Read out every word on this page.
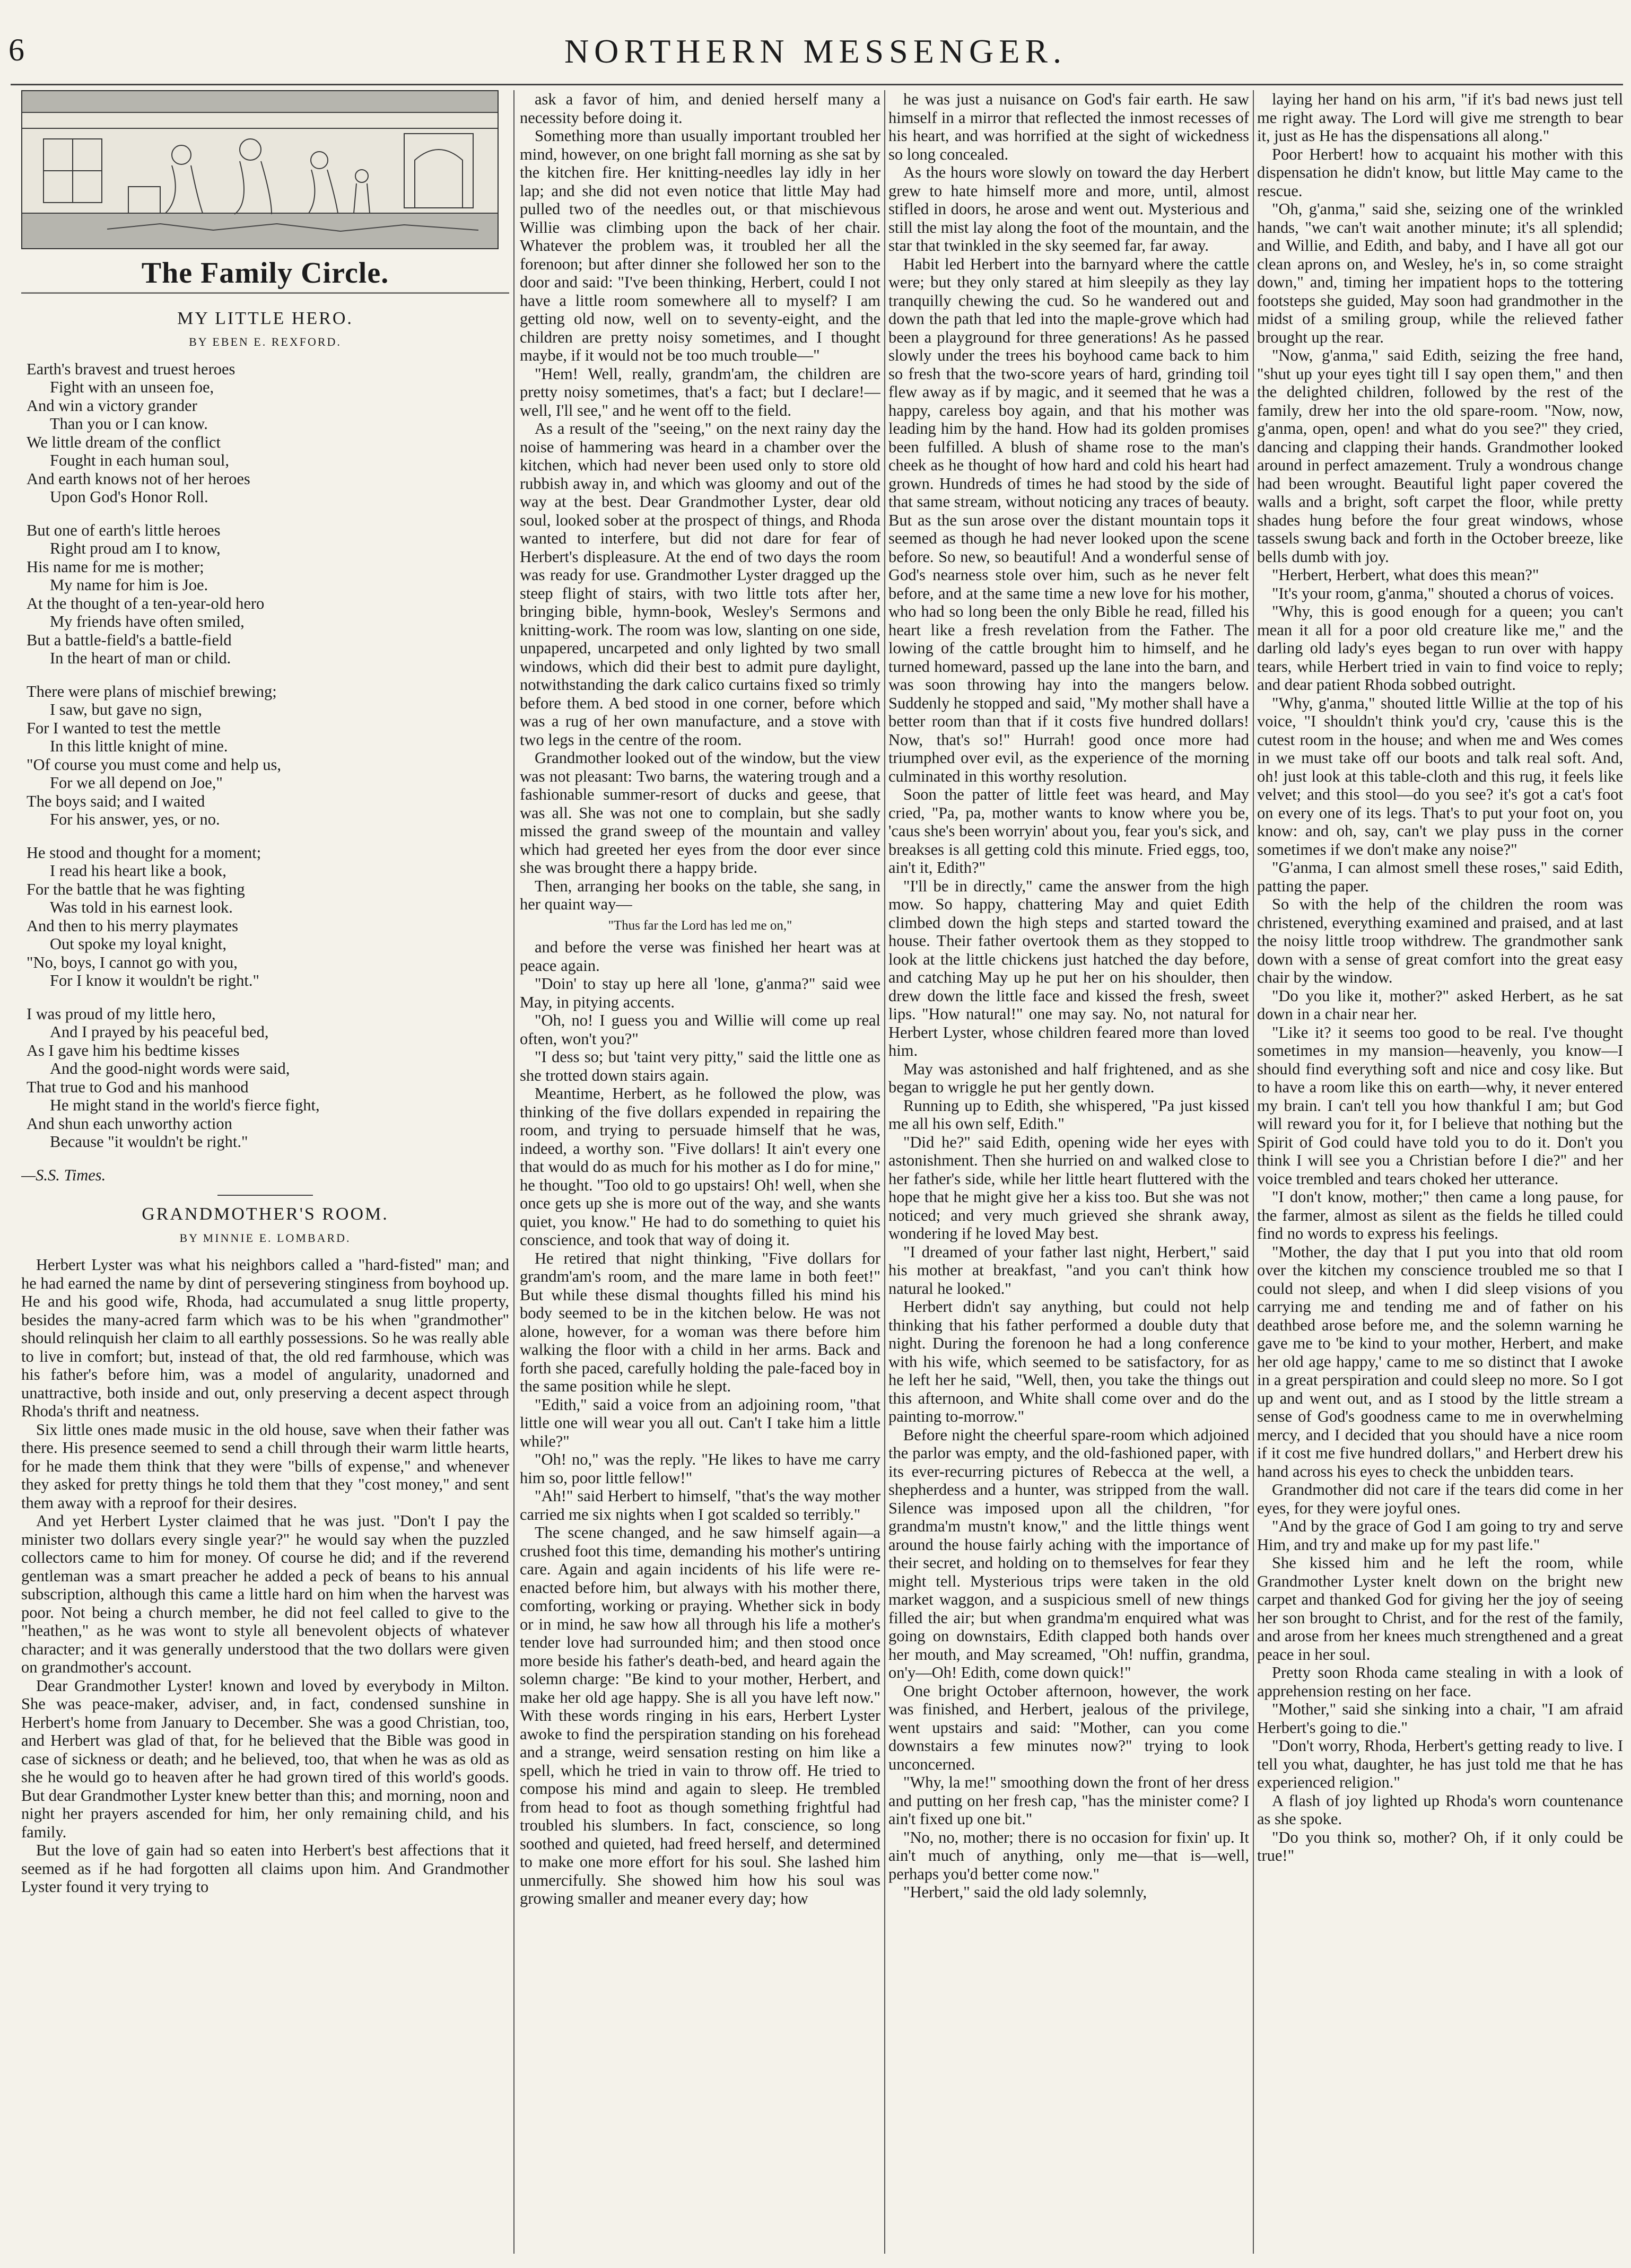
6	NORTHERN MESSENGER.
The Family Circle.
MY LITTLE HERO.
BY EBEN E. REXFORD.
Earth's bravest and truest heroes
Fight with an unseen foe,
And win a victory grander
Than you or I can know.
We little dream of the conflict
Fought in each human soul,
And earth knows not of her heroes
Upon God's Honor Roll.
But one of earth's little heroes
Right proud am I to know,
His name for me is mother;
My name for him is Joe.
At the thought of a ten-year-old hero
My friends have often smiled,
But a battle-field's a battle-field
In the heart of man or child.
There were plans of mischief brewing;
I saw, but gave no sign,
For I wanted to test the mettle
In this little knight of mine.
"Of course you must come and help us,
For we all depend on Joe,"
The boys said; and I waited
For his answer, yes, or no.
He stood and thought for a moment;
I read his heart like a book,
For the battle that he was fighting
Was told in his earnest look.
And then to his merry playmates
Out spoke my loyal knight,
"No, boys, I cannot go with you,
For I know it wouldn't be right."
I was proud of my little hero,
And I prayed by his peaceful bed,
As I gave him his bedtime kisses
And the good-night words were said,
That true to God and his manhood
He might stand in the world's fierce fight,
And shun each unworthy action
Because "it wouldn't be right."
—S.S. Times.
GRANDMOTHER'S ROOM.
BY MINNIE E. LOMBARD.

Herbert Lyster was what his neighbors called a "hard-fisted" man; and he had earned the name by dint of persevering stinginess from boyhood up. He and his good wife, Rhoda, had accumulated a snug little property, besides the many-acred farm which was to be his when "grandmother" should relinquish her claim to all earthly possessions. So he was really able to live in comfort; but, instead of that, the old red farmhouse, which was his father's before him, was a model of angularity, unadorned and unattractive, both inside and out, only preserving a decent aspect through Rhoda's thrift and neatness.

Six little ones made music in the old house, save when their father was there. His presence seemed to send a chill through their warm little hearts, for he made them think that they were "bills of expense," and whenever they asked for pretty things he told them that they "cost money," and sent them away with a reproof for their desires.

And yet Herbert Lyster claimed that he was just. "Don't I pay the minister two dollars every single year?" he would say when the puzzled collectors came to him for money. Of course he did; and if the reverend gentleman was a smart preacher he added a peck of beans to his annual subscription, although this came a little hard on him when the harvest was poor. Not being a church member, he did not feel called to give to the "heathen," as he was wont to style all benevolent objects of whatever character; and it was generally understood that the two dollars were given on grandmother's account.

Dear Grandmother Lyster! known and loved by everybody in Milton. She was peace-maker, adviser, and, in fact, condensed sunshine in Herbert's home from January to December. She was a good Christian, too, and Herbert was glad of that, for he believed that the Bible was good in case of sickness or death; and he believed, too, that when he was as old as she he would go to heaven after he had grown tired of this world's goods. But dear Grandmother Lyster knew better than this; and morning, noon and night her prayers ascended for him, her only remaining child, and his family.

But the love of gain had so eaten into Herbert's best affections that it seemed as if he had forgotten all claims upon him. And Grandmother Lyster found it very trying to

ask a favor of him, and denied herself many a necessity before doing it.

Something more than usually important troubled her mind, however, on one bright fall morning as she sat by the kitchen fire. Her knitting-needles lay idly in her lap; and she did not even notice that little May had pulled two of the needles out, or that mischievous Willie was climbing upon the back of her chair. Whatever the problem was, it troubled her all the forenoon; but after dinner she followed her son to the door and said: "I've been thinking, Herbert, could I not have a little room somewhere all to myself? I am getting old now, well on to seventy-eight, and the children are pretty noisy sometimes, and I thought maybe, if it would not be too much trouble—"

"Hem! Well, really, grandm'am, the children are pretty noisy sometimes, that's a fact; but I declare!—well, I'll see," and he went off to the field.

As a result of the "seeing," on the next rainy day the noise of hammering was heard in a chamber over the kitchen, which had never been used only to store old rubbish away in, and which was gloomy and out of the way at the best. Dear Grandmother Lyster, dear old soul, looked sober at the prospect of things, and Rhoda wanted to interfere, but did not dare for fear of Herbert's displeasure. At the end of two days the room was ready for use. Grandmother Lyster dragged up the steep flight of stairs, with two little tots after her, bringing bible, hymn-book, Wesley's Sermons and knitting-work. The room was low, slanting on one side, unpapered, uncarpeted and only lighted by two small windows, which did their best to admit pure daylight, notwithstanding the dark calico curtains fixed so trimly before them. A bed stood in one corner, before which was a rug of her own manufacture, and a stove with two legs in the centre of the room.

Grandmother looked out of the window, but the view was not pleasant: Two barns, the watering trough and a fashionable summer-resort of ducks and geese, that was all. She was not one to complain, but she sadly missed the grand sweep of the mountain and valley which had greeted her eyes from the door ever since she was brought there a happy bride.

Then, arranging her books on the table, she sang, in her quaint way—

"Thus far the Lord has led me on,"

and before the verse was finished her heart was at peace again.

"Doin' to stay up here all 'lone, g'anma?" said wee May, in pitying accents.

"Oh, no! I guess you and Willie will come up real often, won't you?"

"I dess so; but 'taint very pitty," said the little one as she trotted down stairs again.

Meantime, Herbert, as he followed the plow, was thinking of the five dollars expended in repairing the room, and trying to persuade himself that he was, indeed, a worthy son. "Five dollars! It ain't every one that would do as much for his mother as I do for mine," he thought. "Too old to go upstairs! Oh! well, when she once gets up she is more out of the way, and she wants quiet, you know." He had to do something to quiet his conscience, and took that way of doing it.

He retired that night thinking, "Five dollars for grandm'am's room, and the mare lame in both feet!" But while these dismal thoughts filled his mind his body seemed to be in the kitchen below. He was not alone, however, for a woman was there before him walking the floor with a child in her arms. Back and forth she paced, carefully holding the pale-faced boy in the same position while he slept.

"Edith," said a voice from an adjoining room, "that little one will wear you all out. Can't I take him a little while?"

"Oh! no," was the reply. "He likes to have me carry him so, poor little fellow!"

"Ah!" said Herbert to himself, "that's the way mother carried me six nights when I got scalded so terribly."

The scene changed, and he saw himself again—a crushed foot this time, demanding his mother's untiring care. Again and again incidents of his life were re-enacted before him, but always with his mother there, comforting, working or praying. Whether sick in body or in mind, he saw how all through his life a mother's tender love had surrounded him; and then stood once more beside his father's death-bed, and heard again the solemn charge: "Be kind to your mother, Herbert, and make her old age happy. She is all you have left now." With these words ringing in his ears, Herbert Lyster awoke to find the perspiration standing on his forehead and a strange, weird sensation resting on him like a spell, which he tried in vain to throw off. He tried to compose his mind and again to sleep. He trembled from head to foot as though something frightful had troubled his slumbers. In fact, conscience, so long soothed and quieted, had freed herself, and determined to make one more effort for his soul. She lashed him unmercifully. She showed him how his soul was growing smaller and meaner every day; how

he was just a nuisance on God's fair earth. He saw himself in a mirror that reflected the inmost recesses of his heart, and was horrified at the sight of wickedness so long concealed.

As the hours wore slowly on toward the day Herbert grew to hate himself more and more, until, almost stifled in doors, he arose and went out. Mysterious and still the mist lay along the foot of the mountain, and the star that twinkled in the sky seemed far, far away.

Habit led Herbert into the barnyard where the cattle were; but they only stared at him sleepily as they lay tranquilly chewing the cud. So he wandered out and down the path that led into the maple-grove which had been a playground for three generations! As he passed slowly under the trees his boyhood came back to him so fresh that the two-score years of hard, grinding toil flew away as if by magic, and it seemed that he was a happy, careless boy again, and that his mother was leading him by the hand. How had its golden promises been fulfilled. A blush of shame rose to the man's cheek as he thought of how hard and cold his heart had grown. Hundreds of times he had stood by the side of that same stream, without noticing any traces of beauty. But as the sun arose over the distant mountain tops it seemed as though he had never looked upon the scene before. So new, so beautiful! And a wonderful sense of God's nearness stole over him, such as he never felt before, and at the same time a new love for his mother, who had so long been the only Bible he read, filled his heart like a fresh revelation from the Father. The lowing of the cattle brought him to himself, and he turned homeward, passed up the lane into the barn, and was soon throwing hay into the mangers below. Suddenly he stopped and said, "My mother shall have a better room than that if it costs five hundred dollars! Now, that's so!" Hurrah! good once more had triumphed over evil, as the experience of the morning culminated in this worthy resolution.

Soon the patter of little feet was heard, and May cried, "Pa, pa, mother wants to know where you be, 'caus she's been worryin' about you, fear you's sick, and breakses is all getting cold this minute. Fried eggs, too, ain't it, Edith?"

"I'll be in directly," came the answer from the high mow. So happy, chattering May and quiet Edith climbed down the high steps and started toward the house. Their father overtook them as they stopped to look at the little chickens just hatched the day before, and catching May up he put her on his shoulder, then drew down the little face and kissed the fresh, sweet lips. "How natural!" one may say. No, not natural for Herbert Lyster, whose children feared more than loved him.

May was astonished and half frightened, and as she began to wriggle he put her gently down.

Running up to Edith, she whispered, "Pa just kissed me all his own self, Edith."

"Did he?" said Edith, opening wide her eyes with astonishment. Then she hurried on and walked close to her father's side, while her little heart fluttered with the hope that he might give her a kiss too. But she was not noticed; and very much grieved she shrank away, wondering if he loved May best.

"I dreamed of your father last night, Herbert," said his mother at breakfast, "and you can't think how natural he looked."

Herbert didn't say anything, but could not help thinking that his father performed a double duty that night. During the forenoon he had a long conference with his wife, which seemed to be satisfactory, for as he left her he said, "Well, then, you take the things out this afternoon, and White shall come over and do the painting to-morrow."

Before night the cheerful spare-room which adjoined the parlor was empty, and the old-fashioned paper, with its ever-recurring pictures of Rebecca at the well, a shepherdess and a hunter, was stripped from the wall. Silence was imposed upon all the children, "for grandma'm mustn't know," and the little things went around the house fairly aching with the importance of their secret, and holding on to themselves for fear they might tell. Mysterious trips were taken in the old market waggon, and a suspicious smell of new things filled the air; but when grandma'm enquired what was going on downstairs, Edith clapped both hands over her mouth, and May screamed, "Oh! nuffin, grandma, on'y—Oh! Edith, come down quick!"

One bright October afternoon, however, the work was finished, and Herbert, jealous of the privilege, went upstairs and said: "Mother, can you come downstairs a few minutes now?" trying to look unconcerned.

"Why, la me!" smoothing down the front of her dress and putting on her fresh cap, "has the minister come? I ain't fixed up one bit."

"No, no, mother; there is no occasion for fixin' up. It ain't much of anything, only me—that is—well, perhaps you'd better come now."

"Herbert," said the old lady solemnly,

laying her hand on his arm, "if it's bad news just tell me right away. The Lord will give me strength to bear it, just as He has the dispensations all along."

Poor Herbert! how to acquaint his mother with this dispensation he didn't know, but little May came to the rescue.

"Oh, g'anma," said she, seizing one of the wrinkled hands, "we can't wait another minute; it's all splendid; and Willie, and Edith, and baby, and I have all got our clean aprons on, and Wesley, he's in, so come straight down," and, timing her impatient hops to the tottering footsteps she guided, May soon had grandmother in the midst of a smiling group, while the relieved father brought up the rear.

"Now, g'anma," said Edith, seizing the free hand, "shut up your eyes tight till I say open them," and then the delighted children, followed by the rest of the family, drew her into the old spare-room. "Now, now, g'anma, open, open! and what do you see?" they cried, dancing and clapping their hands. Grandmother looked around in perfect amazement. Truly a wondrous change had been wrought. Beautiful light paper covered the walls and a bright, soft carpet the floor, while pretty shades hung before the four great windows, whose tassels swung back and forth in the October breeze, like bells dumb with joy.

"Herbert, Herbert, what does this mean?"

"It's your room, g'anma," shouted a chorus of voices.

"Why, this is good enough for a queen; you can't mean it all for a poor old creature like me," and the darling old lady's eyes began to run over with happy tears, while Herbert tried in vain to find voice to reply; and dear patient Rhoda sobbed outright.

"Why, g'anma," shouted little Willie at the top of his voice, "I shouldn't think you'd cry, 'cause this is the cutest room in the house; and when me and Wes comes in we must take off our boots and talk real soft. And, oh! just look at this table-cloth and this rug, it feels like velvet; and this stool—do you see? it's got a cat's foot on every one of its legs. That's to put your foot on, you know: and oh, say, can't we play puss in the corner sometimes if we don't make any noise?"

"G'anma, I can almost smell these roses," said Edith, patting the paper.

So with the help of the children the room was christened, everything examined and praised, and at last the noisy little troop withdrew. The grandmother sank down with a sense of great comfort into the great easy chair by the window.

"Do you like it, mother?" asked Herbert, as he sat down in a chair near her.

"Like it? it seems too good to be real. I've thought sometimes in my mansion—heavenly, you know—I should find everything soft and nice and cosy like. But to have a room like this on earth—why, it never entered my brain. I can't tell you how thankful I am; but God will reward you for it, for I believe that nothing but the Spirit of God could have told you to do it. Don't you think I will see you a Christian before I die?" and her voice trembled and tears choked her utterance.

"I don't know, mother;" then came a long pause, for the farmer, almost as silent as the fields he tilled could find no words to express his feelings.

"Mother, the day that I put you into that old room over the kitchen my conscience troubled me so that I could not sleep, and when I did sleep visions of you carrying me and tending me and of father on his deathbed arose before me, and the solemn warning he gave me to 'be kind to your mother, Herbert, and make her old age happy,' came to me so distinct that I awoke in a great perspiration and could sleep no more. So I got up and went out, and as I stood by the little stream a sense of God's goodness came to me in overwhelming mercy, and I decided that you should have a nice room if it cost me five hundred dollars," and Herbert drew his hand across his eyes to check the unbidden tears.

Grandmother did not care if the tears did come in her eyes, for they were joyful ones.

"And by the grace of God I am going to try and serve Him, and try and make up for my past life."

She kissed him and he left the room, while Grandmother Lyster knelt down on the bright new carpet and thanked God for giving her the joy of seeing her son brought to Christ, and for the rest of the family, and arose from her knees much strengthened and a great peace in her soul.

Pretty soon Rhoda came stealing in with a look of apprehension resting on her face.

"Mother," said she sinking into a chair, "I am afraid Herbert's going to die."

"Don't worry, Rhoda, Herbert's getting ready to live. I tell you what, daughter, he has just told me that he has experienced religion."

A flash of joy lighted up Rhoda's worn countenance as she spoke.

"Do you think so, mother? Oh, if it only could be true!"
